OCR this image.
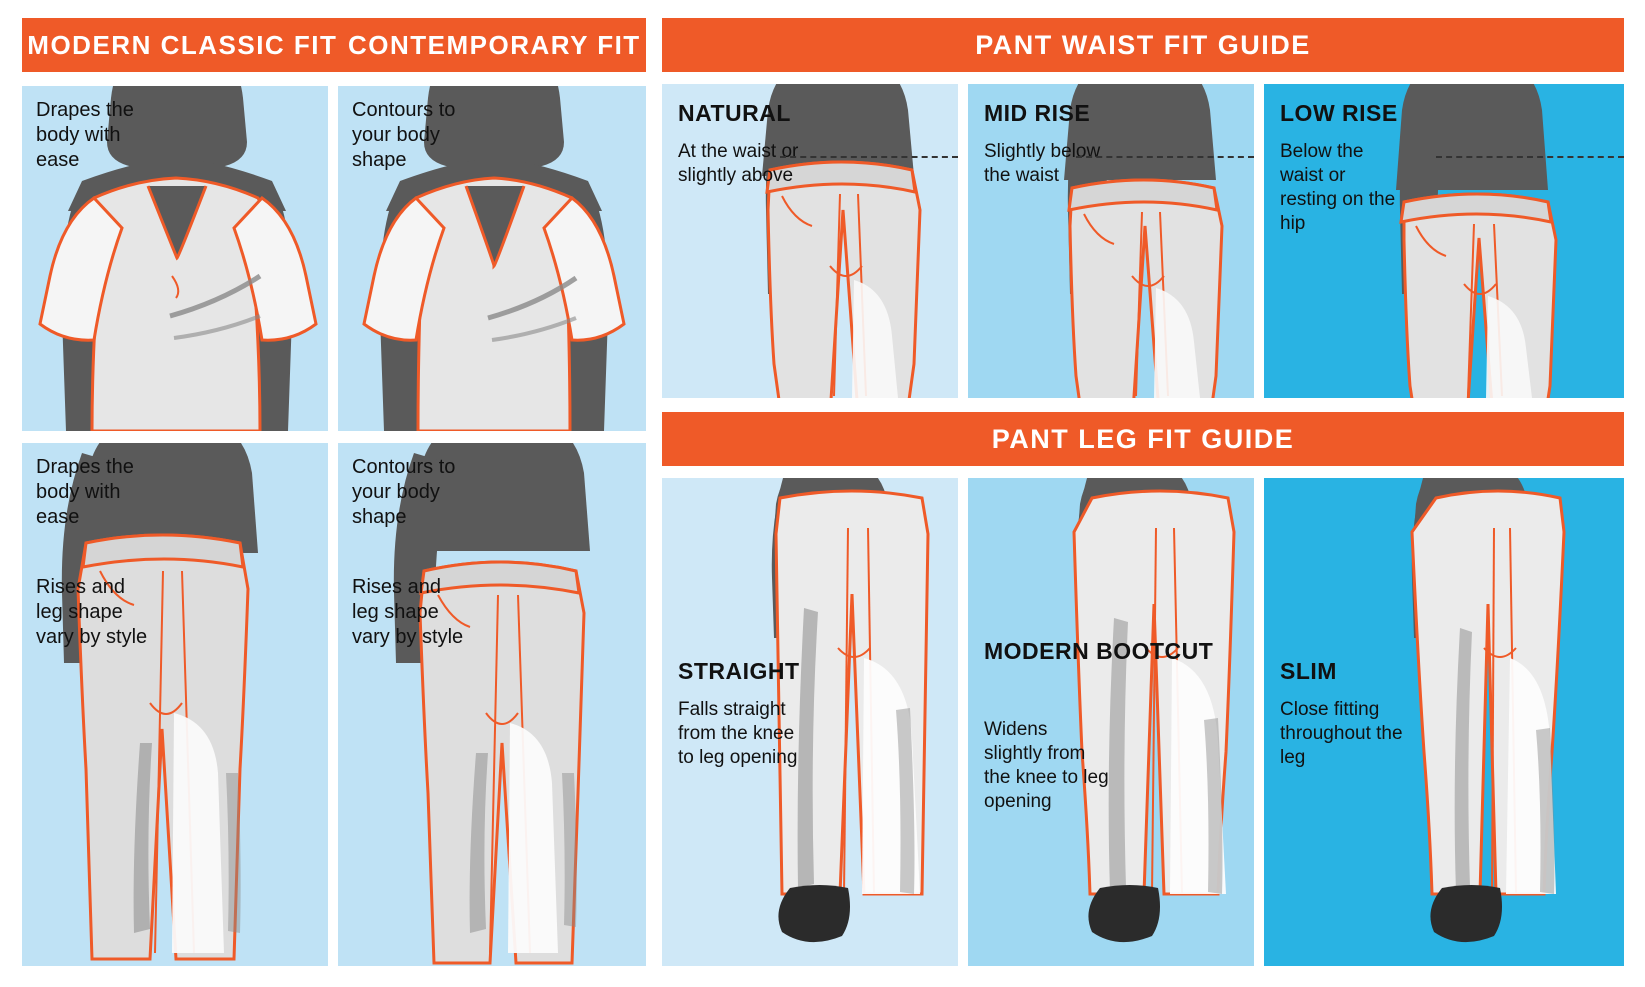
MODERN CLASSIC FIT CONTEMPORARY FIT
Drapes the body with ease
Contours to your body shape
Drapes the body with ease
Rises and leg shape vary by style
Contours to your body shape
Rises and leg shape vary by style
PANT WAIST FIT GUIDE
NATURAL
At the waist or slightly above
MID RISE
Slightly below the waist
LOW RISE
Below the waist or resting on the hip
PANT LEG FIT GUIDE
STRAIGHT
Falls straight from the knee to leg opening
MODERN BOOTCUT
Widens slightly from the knee to leg opening
SLIM
Close fitting throughout the leg
